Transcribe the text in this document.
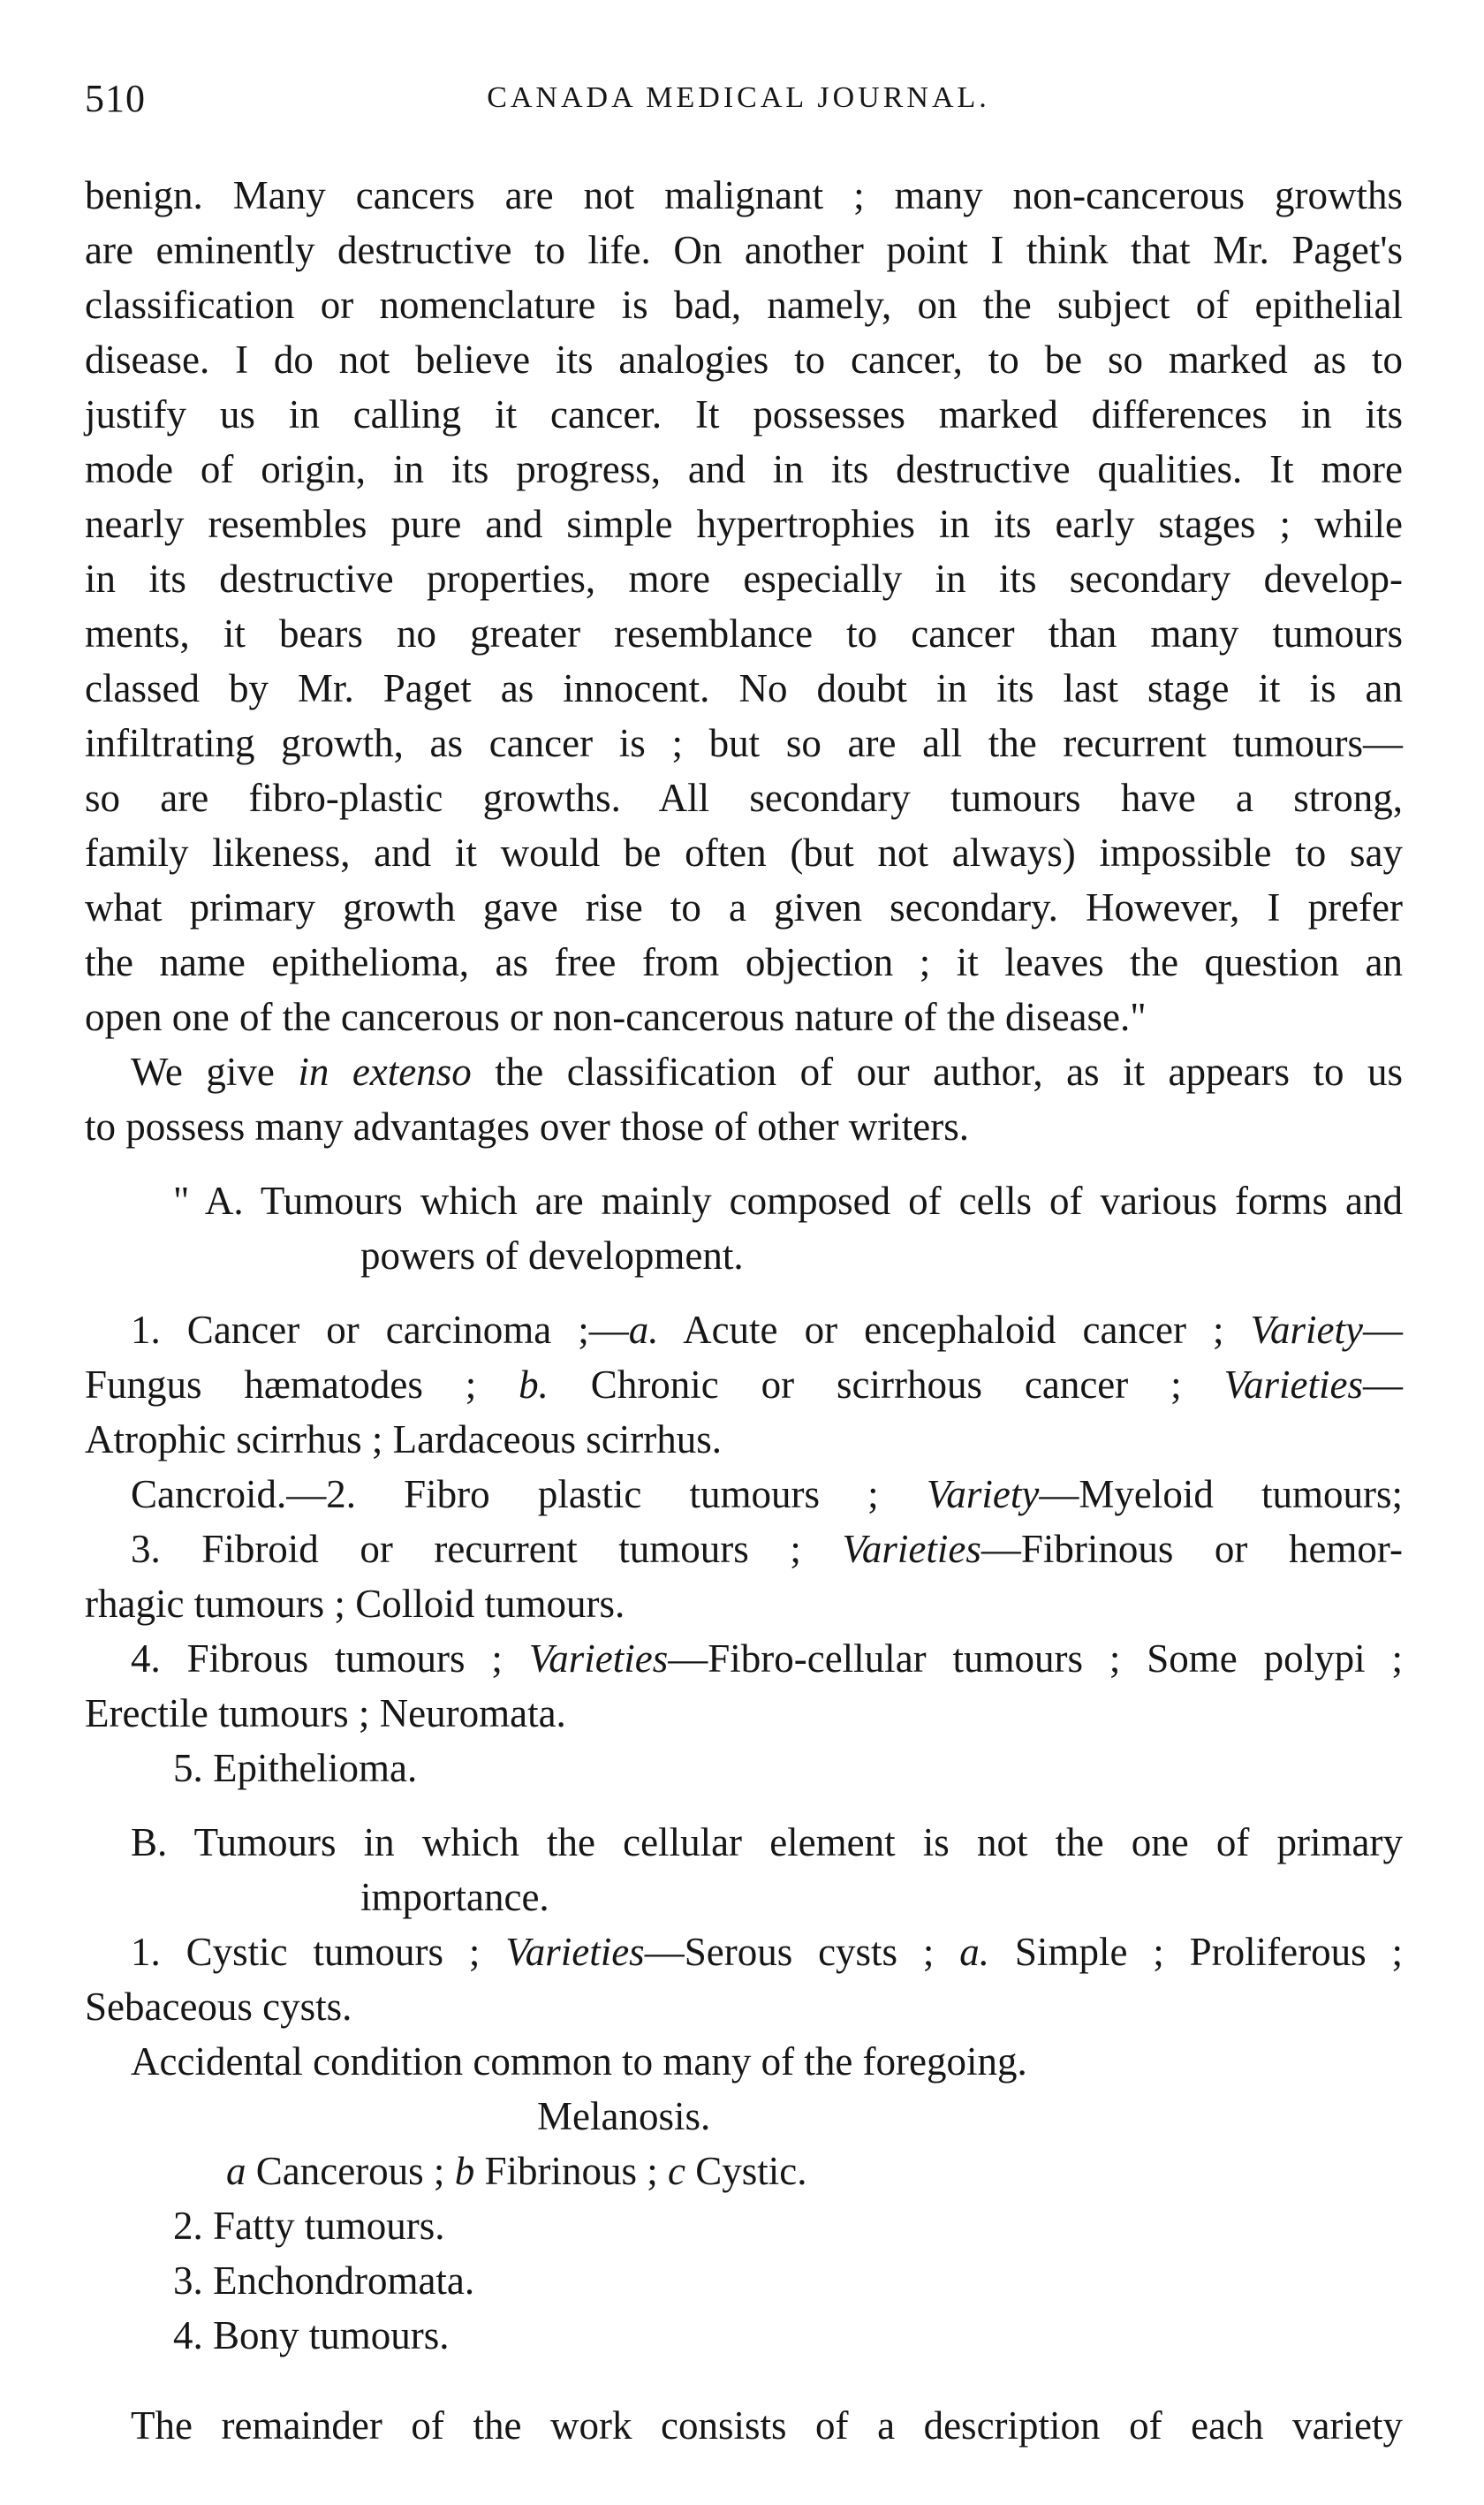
510	CANADA MEDICAL JOURNAL.
benign. Many cancers are not malignant ; many non-cancerous growths
are eminently destructive to life. On another point I think that Mr. Paget's
classification or nomenclature is bad, namely, on the subject of epithelial
disease. I do not believe its analogies to cancer, to be so marked as to
justify us in calling it cancer. It possesses marked differences in its
mode of origin, in its progress, and in its destructive qualities. It more
nearly resembles pure and simple hypertrophies in its early stages ; while
in its destructive properties, more especially in its secondary develop-
ments, it bears no greater resemblance to cancer than many tumours
classed by Mr. Paget as innocent. No doubt in its last stage it is an
infiltrating growth, as cancer is ; but so are all the recurrent tumours—
so are fibro-plastic growths. All secondary tumours have a strong,
family likeness, and it would be often (but not always) impossible to say
what primary growth gave rise to a given secondary. However, I prefer
the name epithelioma, as free from objection ; it leaves the question an
open one of the cancerous or non-cancerous nature of the disease."
We give in extenso the classification of our author, as it appears to us
to possess many advantages over those of other writers.
" A. Tumours which are mainly composed of cells of various forms and
powers of development.
1. Cancer or carcinoma ;—a. Acute or encephaloid cancer ; Variety—
Fungus hæmatodes ; b. Chronic or scirrhous cancer ; Varieties—
Atrophic scirrhus ; Lardaceous scirrhus.
Cancroid.—2. Fibro plastic tumours ; Variety—Myeloid tumours;
3. Fibroid or recurrent tumours ; Varieties—Fibrinous or hemor-
rhagic tumours ; Colloid tumours.
4. Fibrous tumours ; Varieties—Fibro-cellular tumours ; Some polypi ;
Erectile tumours ; Neuromata.
5. Epithelioma.
B. Tumours in which the cellular element is not the one of primary
importance.
1. Cystic tumours ; Varieties—Serous cysts ; a. Simple ; Proliferous ;
Sebaceous cysts.
Accidental condition common to many of the foregoing.
Melanosis.
a Cancerous ; b Fibrinous ; c Cystic.
2. Fatty tumours.
3. Enchondromata.
4. Bony tumours.
The remainder of the work consists of a description of each variety
